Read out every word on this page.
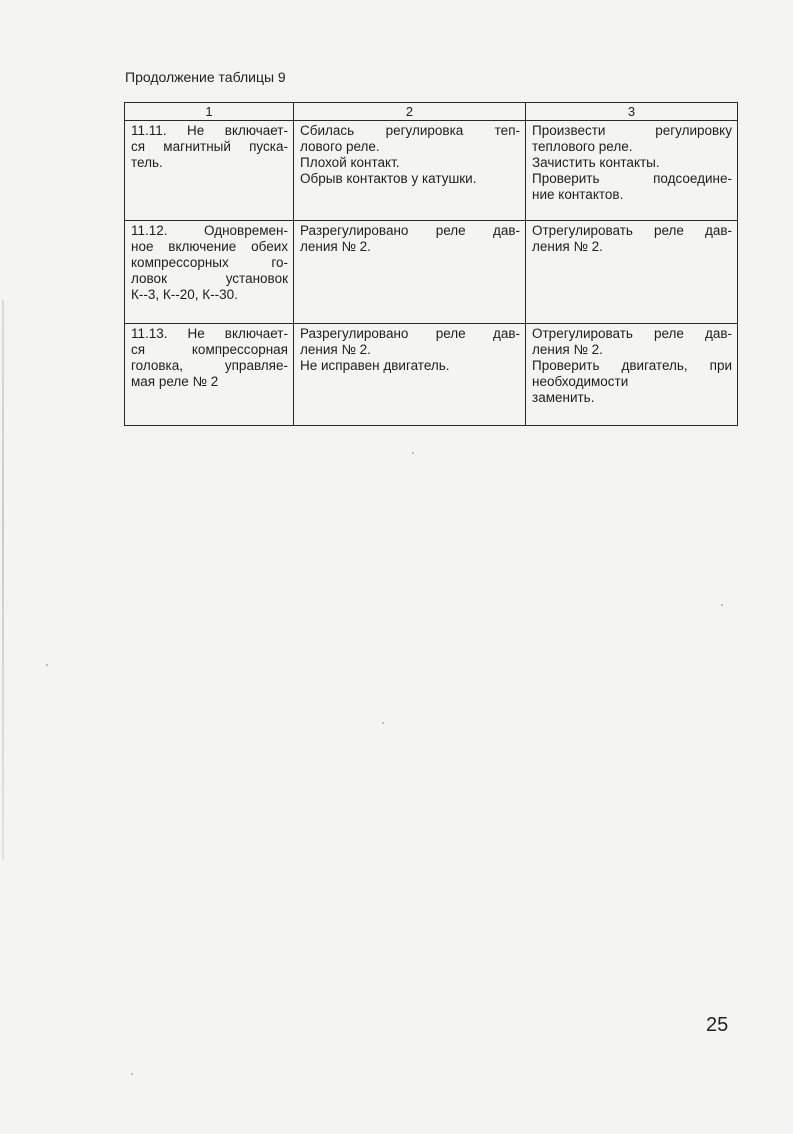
Продолжение таблицы 9
1	2	3

11.11. Не включает-
ся магнитный пуска-
тель.	Сбилась регулировка теп-
лового реле.
Плохой контакт.
Обрыв контактов у катушки.	Произвести регулировку
теплового реле.
Зачистить контакты.
Проверить подсоедине-
ние контактов.

11.12. Одновремен-
ное включение обеих
компрессорных го-
ловок установок
К--3, К--20, К--30.	Разрегулировано реле дав-
ления № 2.	Отрегулировать реле дав-
ления № 2.

11.13. Не включает-
ся компрессорная
головка, управляе-
мая реле № 2	Разрегулировано реле дав-
ления № 2.
Не исправен двигатель.	Отрегулировать реле дав-
ления № 2.
Проверить двигатель, при
необходимости
заменить.
25
